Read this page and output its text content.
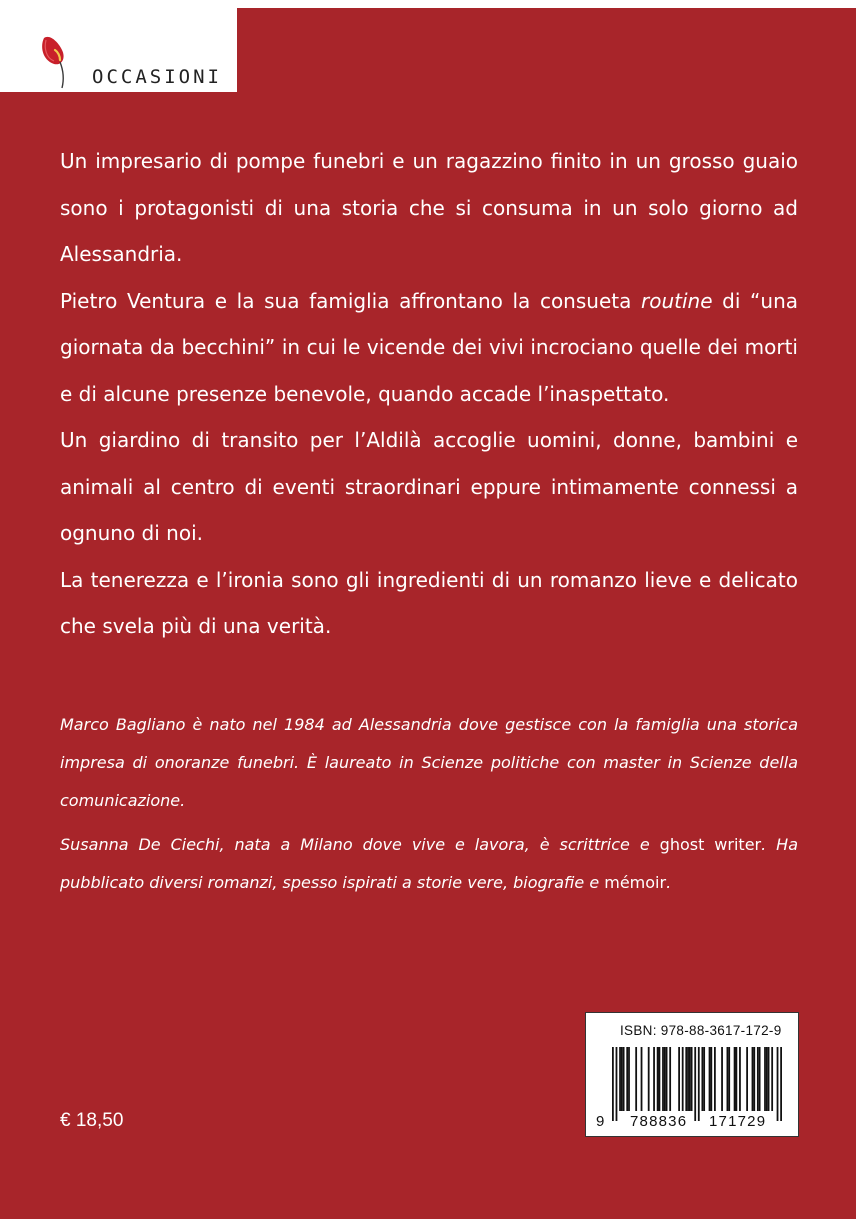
OCCASIONI

Un impresario di pompe funebri e un ragazzino finito in un grosso guaio sono i protagonisti di una storia che si consuma in un solo giorno ad Alessandria.

Pietro Ventura e la sua famiglia affrontano la consueta routine di “una giornata da becchini” in cui le vicende dei vivi incrociano quelle dei morti e di alcune presenze benevole, quando accade l’inaspettato.

Un giardino di transito per l’Aldilà accoglie uomini, donne, bambini e animali al centro di eventi straordinari eppure intimamente connessi a ognuno di noi.

La tenerezza e l’ironia sono gli ingredienti di un romanzo lieve e delicato che svela più di una verità.

Marco Bagliano è nato nel 1984 ad Alessandria dove gestisce con la famiglia una storica impresa di onoranze funebri. È laureato in Scienze politiche con master in Scienze della comunicazione.

Susanna De Ciechi, nata a Milano dove vive e lavora, è scrittrice e ghost writer. Ha pubblicato diversi romanzi, spesso ispirati a storie vere, biografie e mémoir.

ISBN: 978-88-3617-172-9
9 788836 171729
€ 18,50
